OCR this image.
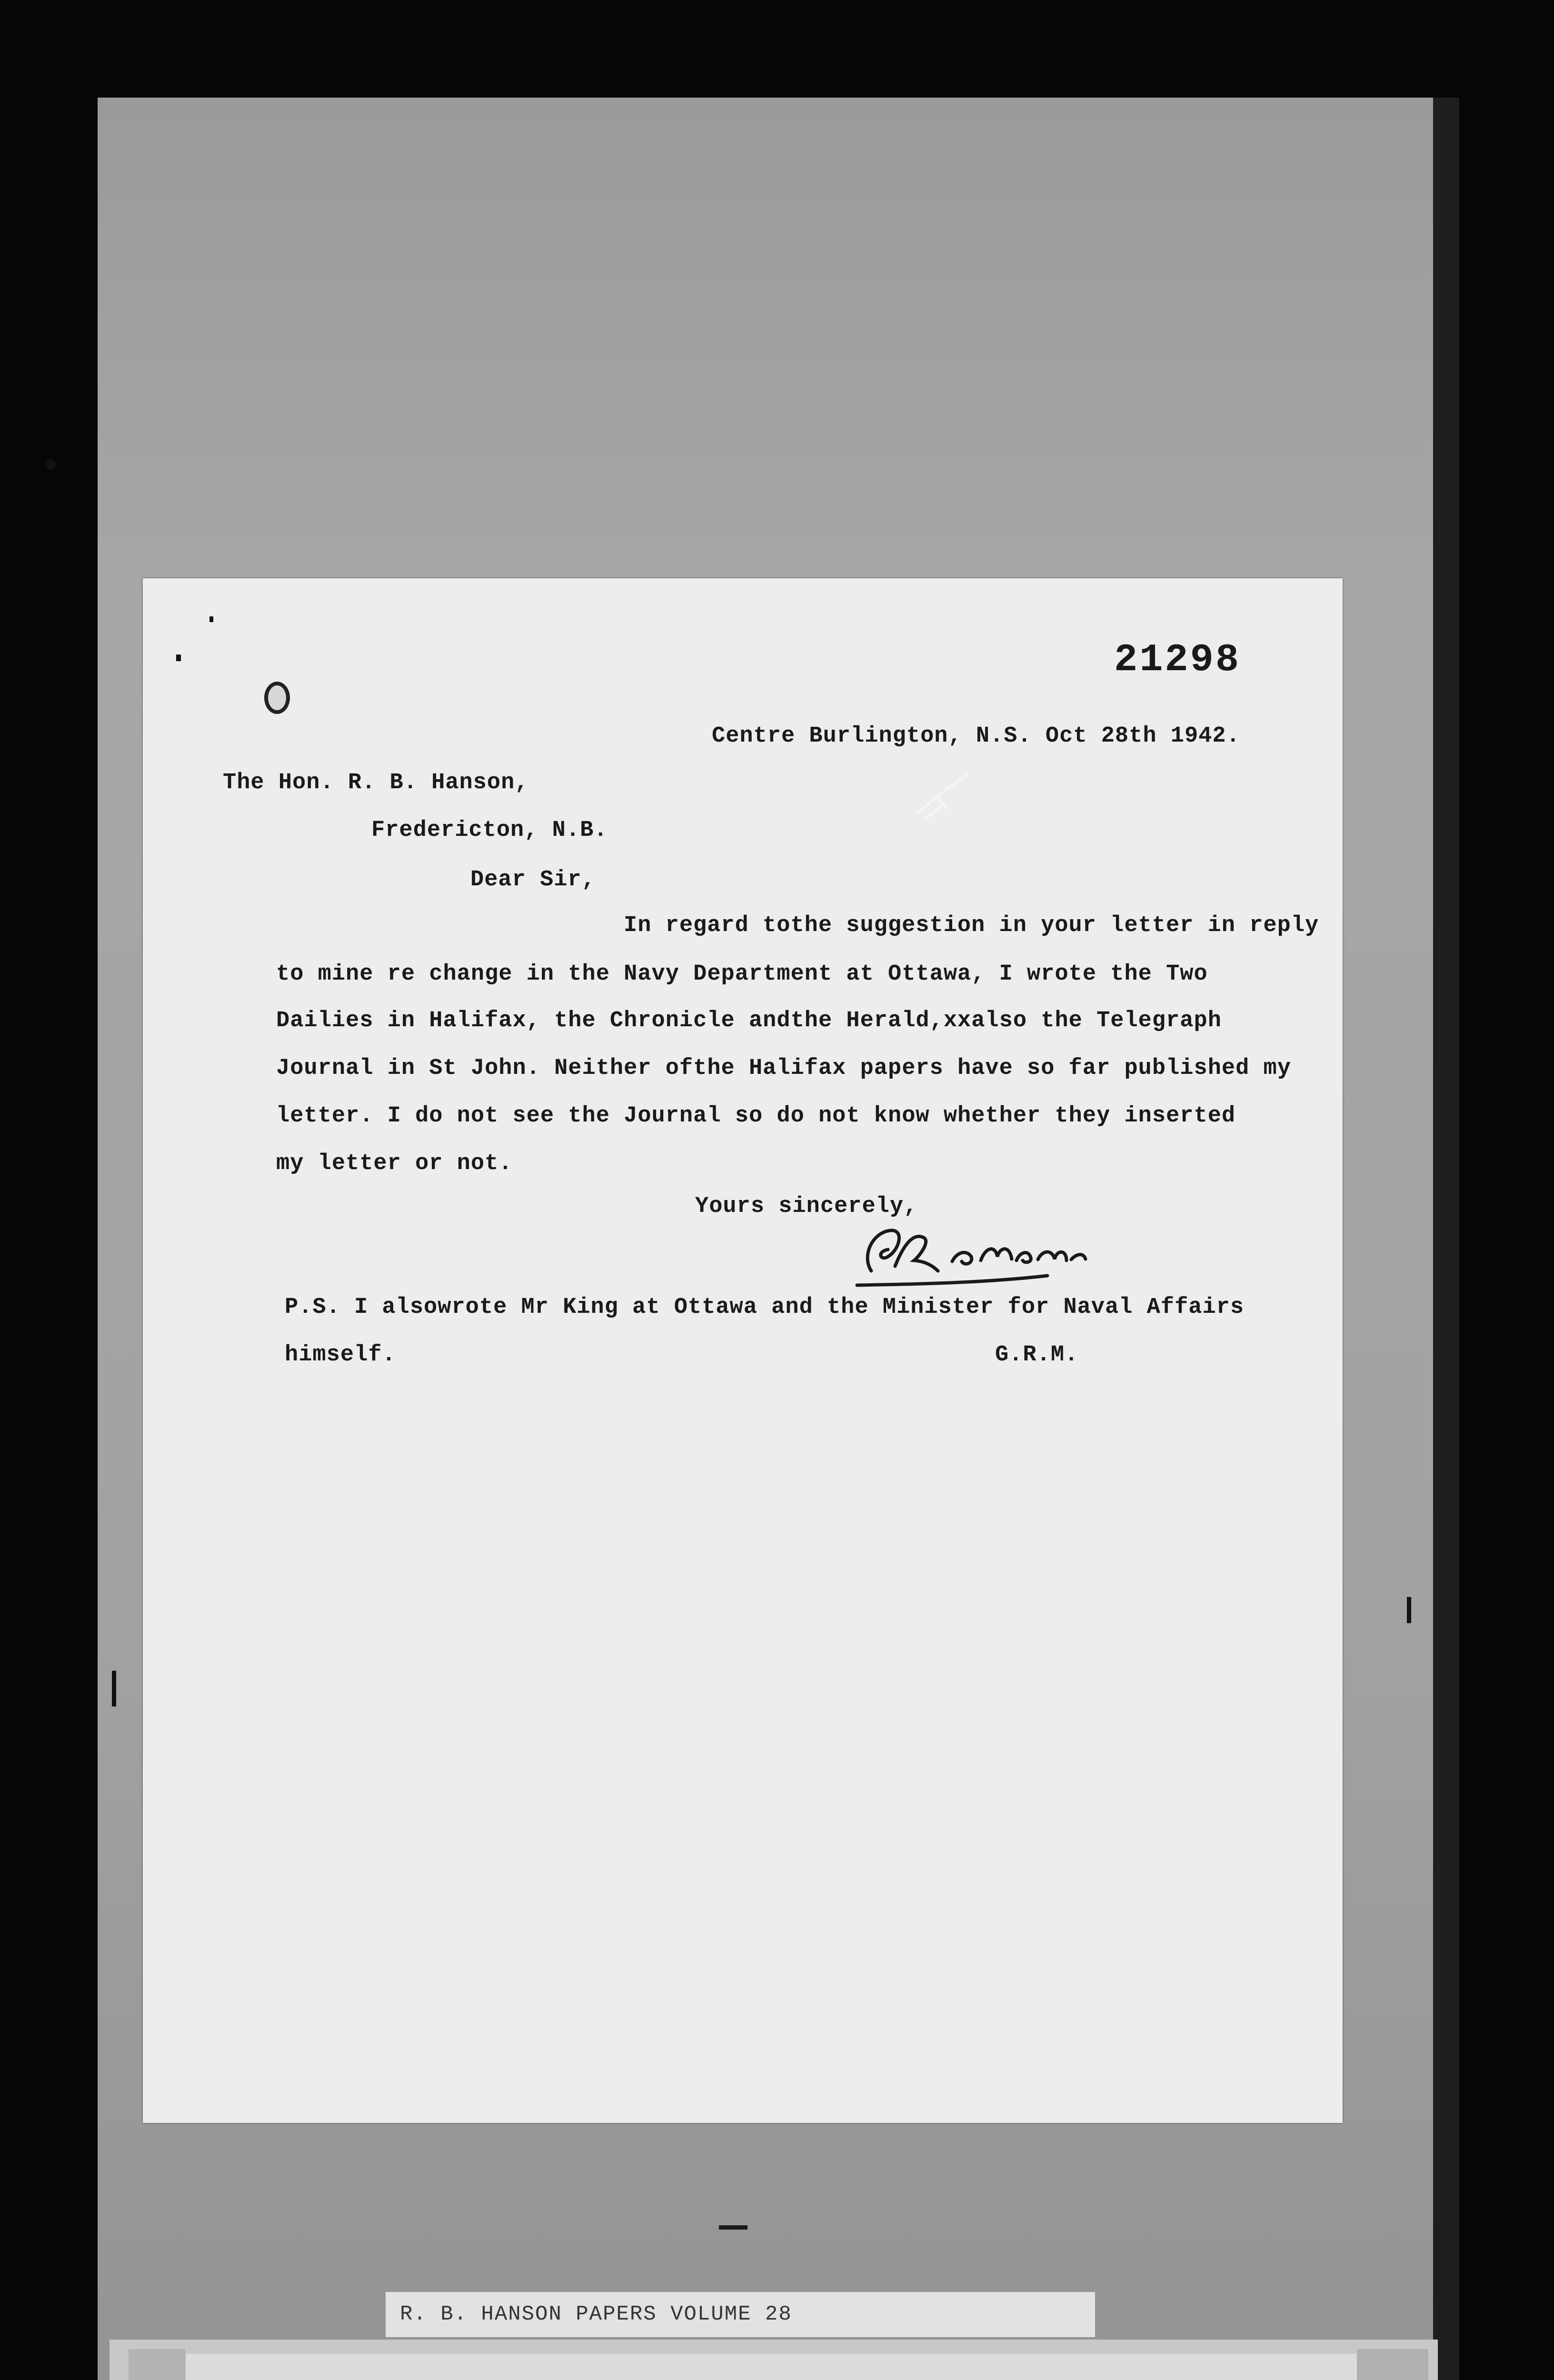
21298

Centre Burlington, N.S. Oct 28th 1942.

The Hon. R. B. Hanson,

Fredericton, N.B.

Dear Sir,

In regard tothe suggestion in your letter in reply

to mine re change in the Navy Department at Ottawa, I wrote the Two

Dailies in Halifax, the Chronicle andthe Herald,xxalso the Telegraph

Journal in St John. Neither ofthe Halifax papers have so far published my

letter. I do not see the Journal so do not know whether they inserted

my letter or not.

Yours sincerely,

P.S. I alsowrote Mr King at Ottawa and the Minister for Naval Affairs

himself.	G.R.M.

R. B. HANSON PAPERS VOLUME 28
